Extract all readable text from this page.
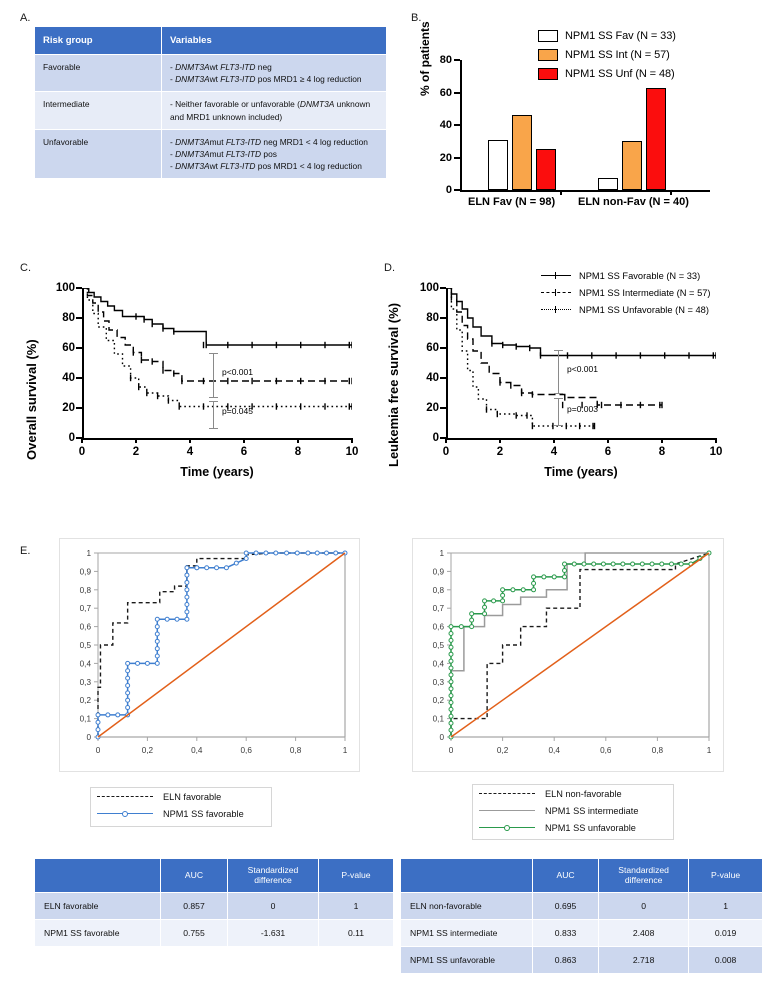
A.
Risk group	Variables
Favorable	- DNMT3Awt FLT3-ITD neg
- DNMT3Awt FLT3-ITD pos MRD1 ≥ 4 log reduction

Intermediate	- Neither favorable or unfavorable (DNMT3A unknown and MRD1 unknown included)

Unfavorable	- DNMT3Amut FLT3-ITD neg MRD1 < 4 log reduction
- DNMT3Amut FLT3-ITD pos
- DNMT3Awt FLT3-ITD pos MRD1 < 4 log reduction
B.
NPM1 SS Fav (N = 33)
NPM1 SS Int (N = 57)
NPM1 SS Unf (N = 48)
% of patients
0
20
40
60
80
ELN Fav (N = 98) ELN non-Fav (N = 40)
C.
Overall survival (%)	p<0.001
p=0.045
0
20
40
60
80
100
0	2	4	6	8	10
Time (years)
D.
Leukemia free survival (%)
NPM1 SS Favorable (N = 33)
NPM1 SS Intermediate (N = 57)
NPM1 SS Unfavorable (N = 48)
p<0.001
p=0.003
0
20
40
60
80
100
0	2	4	6	8	10
Time (years)
E.
0
0,1
0,2
0,3
0,4
0,5
0,6
0,7
0,8
0,9
1
0	0,2	0,4	0,6	0,8	1
ELN favorable
NPM1 SS favorable
0
0,1
0,2
0,3
0,4
0,5
0,6
0,7
0,8
0,9
1
0	0,2	0,4	0,6	0,8	1
ELN non-favorable
NPM1 SS intermediate
NPM1 SS unfavorable
	AUC	Standardized difference	P-value
ELN favorable	0.857	0	1
NPM1 SS favorable	0.755	-1.631	0.11
	AUC	Standardized difference	P-value
ELN non-favorable	0.695	0	1
NPM1 SS intermediate	0.833	2.408	0.019
NPM1 SS unfavorable	0.863	2.718	0.008
